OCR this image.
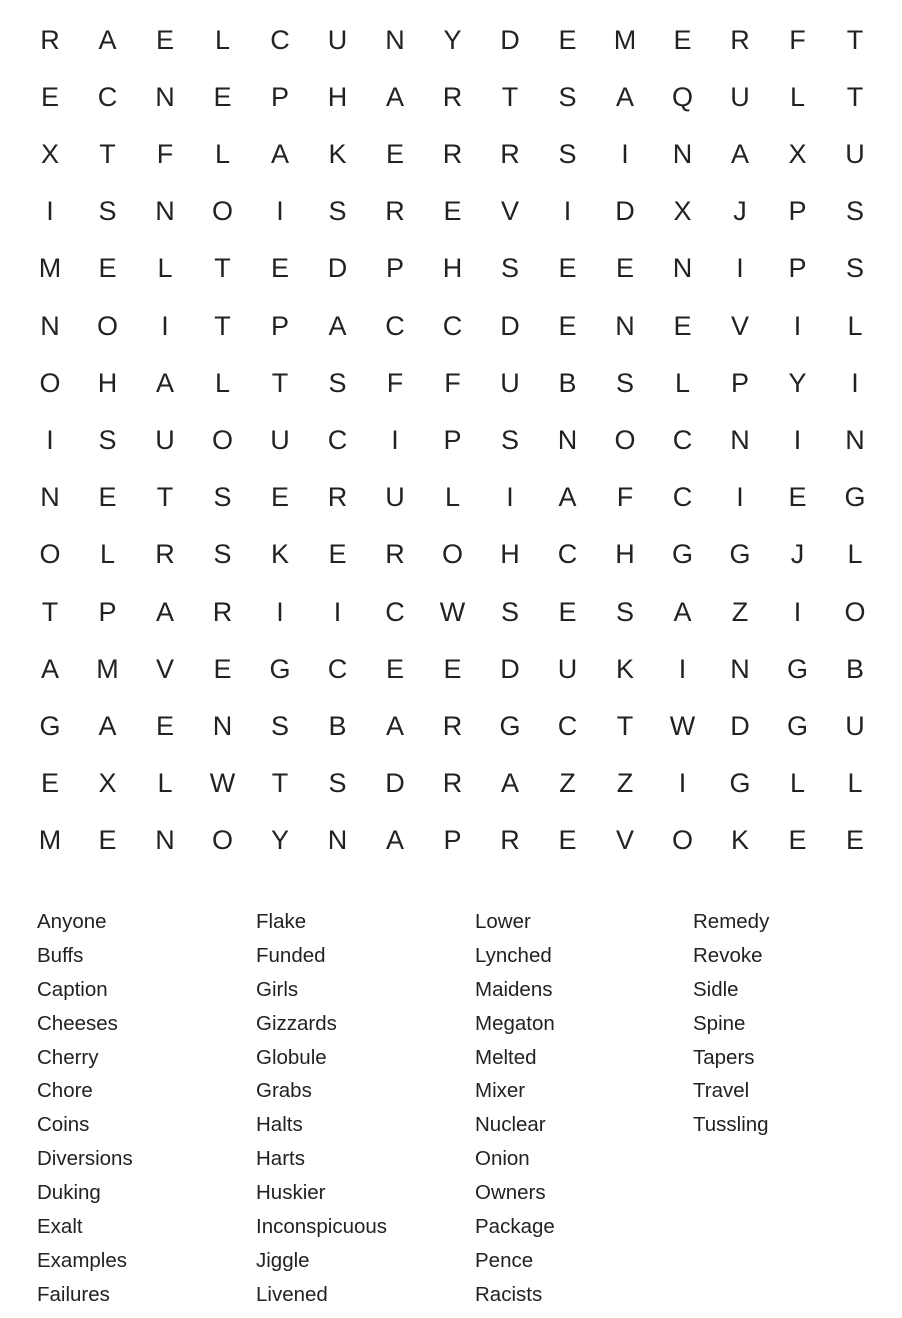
R	A	E	L	C	U	N	Y	D	E	M	E	R	F	T
E	C	N	E	P	H	A	R	T	S	A	Q	U	L	T
X	T	F	L	A	K	E	R	R	S	I	N	A	X	U
I	S	N	O	I	S	R	E	V	I	D	X	J	P	S
M	E	L	T	E	D	P	H	S	E	E	N	I	P	S
N	O	I	T	P	A	C	C	D	E	N	E	V	I	L
O	H	A	L	T	S	F	F	U	B	S	L	P	Y	I
I	S	U	O	U	C	I	P	S	N	O	C	N	I	N
N	E	T	S	E	R	U	L	I	A	F	C	I	E	G
O	L	R	S	K	E	R	O	H	C	H	G	G	J	L
T	P	A	R	I	I	C	W	S	E	S	A	Z	I	O
A	M	V	E	G	C	E	E	D	U	K	I	N	G	B
G	A	E	N	S	B	A	R	G	C	T	W	D	G	U
E	X	L	W	T	S	D	R	A	Z	Z	I	G	L	L
M	E	N	O	Y	N	A	P	R	E	V	O	K	E	E
Anyone
Buffs
Caption
Cheeses
Cherry
Chore
Coins
Diversions
Duking
Exalt
Examples
Failures
Flake
Funded
Girls
Gizzards
Globule
Grabs
Halts
Harts
Huskier
Inconspicuous
Jiggle
Livened
Lower
Lynched
Maidens
Megaton
Melted
Mixer
Nuclear
Onion
Owners
Package
Pence
Racists
Remedy
Revoke
Sidle
Spine
Tapers
Travel
Tussling
